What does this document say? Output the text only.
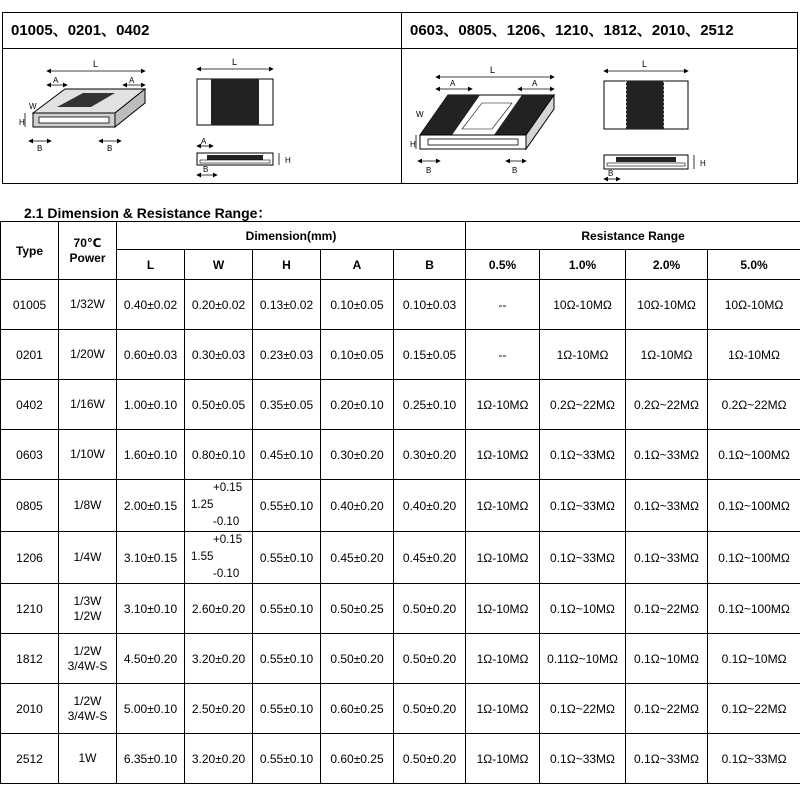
01005、0201、0402
L
A	A
W
H
B	B
L
A
H
B
0603、0805、1206、1210、1812、2010、2512
L
A	A
W
H
B	B
L
H
B
2.1 Dimension & Resistance Range：
Type	70℃ Power	Dimension(mm)					Resistance Range			
		L	W	H	A	B	0.5%	1.0%	2.0%	5.0%
01005	1/32W	0.40±0.02	0.20±0.02	0.13±0.02	0.10±0.05	0.10±0.03	--	10Ω-10MΩ	10Ω-10MΩ	10Ω-10MΩ
0201	1/20W	0.60±0.03	0.30±0.03	0.23±0.03	0.10±0.05	0.15±0.05	--	1Ω-10MΩ	1Ω-10MΩ	1Ω-10MΩ
0402	1/16W	1.00±0.10	0.50±0.05	0.35±0.05	0.20±0.10	0.25±0.10	1Ω-10MΩ	0.2Ω~22MΩ	0.2Ω~22MΩ	0.2Ω~22MΩ
0603	1/10W	1.60±0.10	0.80±0.10	0.45±0.10	0.30±0.20	0.30±0.20	1Ω-10MΩ	0.1Ω~33MΩ	0.1Ω~33MΩ	0.1Ω~100MΩ
0805	1/8W	2.00±0.15	+0.15
1.25
-0.10	0.55±0.10	0.40±0.20	0.40±0.20	1Ω-10MΩ	0.1Ω~33MΩ	0.1Ω~33MΩ	0.1Ω~100MΩ
1206	1/4W	3.10±0.15	+0.15
1.55
-0.10	0.55±0.10	0.45±0.20	0.45±0.20	1Ω-10MΩ	0.1Ω~33MΩ	0.1Ω~33MΩ	0.1Ω~100MΩ
1210	1/3W
1/2W	3.10±0.10	2.60±0.20	0.55±0.10	0.50±0.25	0.50±0.20	1Ω-10MΩ	0.1Ω~10MΩ	0.1Ω~22MΩ	0.1Ω~100MΩ
1812	1/2W
3/4W-S	4.50±0.20	3.20±0.20	0.55±0.10	0.50±0.20	0.50±0.20	1Ω-10MΩ	0.11Ω~10MΩ	0.1Ω~10MΩ	0.1Ω~10MΩ
2010	1/2W
3/4W-S	5.00±0.10	2.50±0.20	0.55±0.10	0.60±0.25	0.50±0.20	1Ω-10MΩ	0.1Ω~22MΩ	0.1Ω~22MΩ	0.1Ω~22MΩ
2512	1W	6.35±0.10	3.20±0.20	0.55±0.10	0.60±0.25	0.50±0.20	1Ω-10MΩ	0.1Ω~33MΩ	0.1Ω~33MΩ	0.1Ω~33MΩ
